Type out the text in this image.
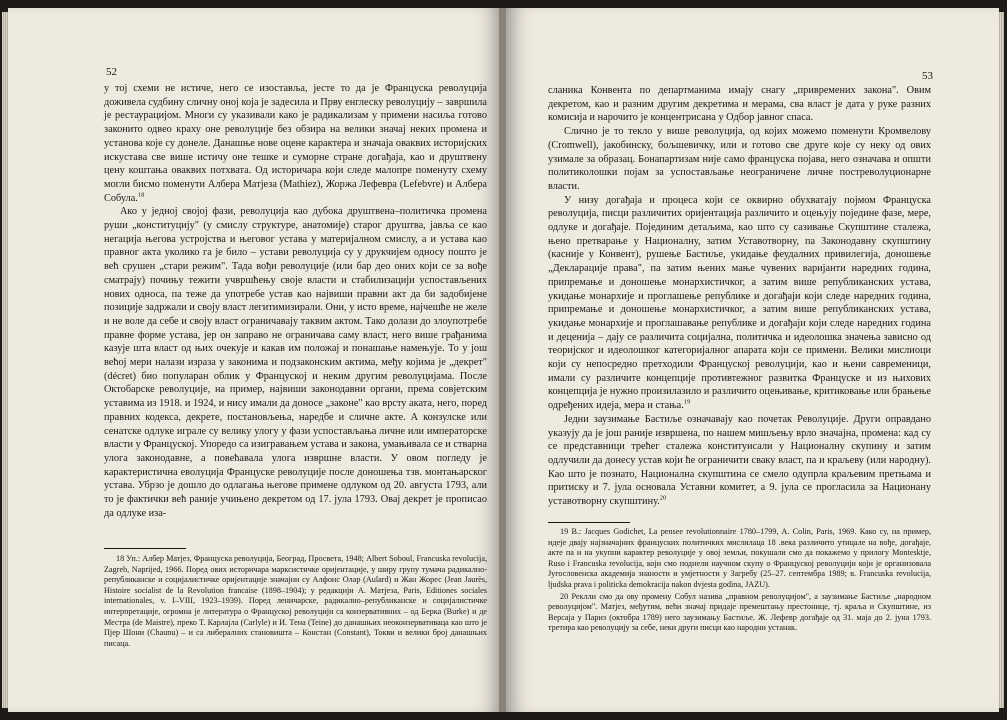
52

у тој схеми не истиче, него се изоставља, јесте то да је Француска револуција доживела судбину сличну оној која је задесила и Прву енглеску револуцију – завршила је рестаурацијом. Многи су указивали како је радикализам у примени насиља готово законито одвео краху оне револуције без обзира на велики значај неких промена и установа које су донеле. Данашње нове оцене карактера и значаја оваквих историјских искустава све више истичу оне тешке и суморне стране догађаја, као и друштвену цену коштања оваквих потхвата. Од историчара који следе малопре поменуту схему могли бисмо поменути Албера Матјеза (Mathiez), Жоржа Лефевра (Lefebvre) и Албера Собула.$^{18}$

Ако у једној својој фази, револуција као дубока друштвена–политичка промена руши „конституцију" (у смислу структуре, анатомије) старог друштва, јавља се као негација његова устројства и његовог устава у материјалном смислу, а и устава као правног акта уколико га је било – устави револуција су у друкчијем односу пошто је већ срушен „стари режим". Тада вођи револуције (или бар део оних који се за вође сматрају) почињу тежити учвршћењу своје власти и стабилизацији успостављених нових односа, па теже да употребе устав као највиши правни акт да би задобијене позиције задржали и своју власт легитимизирали. Они, у исто време, најчешће не желе и не воле да себе и своју власт ограничавају таквим актом. Тако долази до злоупотребе правне форме устава, јер он заправо не ограничава саму власт, него више грађанима казује шта власт од њих очекује и какав им положај и понашање намењује. То у још већој мери налази израза у законима и подзаконским актима, међу којима је „декрет" (décret) био популаран облик у Француској и неким другим револуцијама. После Октобарске револуције, на пример, највиши законодавни органи, према совјетским уставима из 1918. и 1924, и нису имали да доносе „законе" као врсту аката, него, поред правних кодекса, декрете, постановљења, наредбе и сличне акте. А конзулске или сенатске одлуке играле су велику улогу у фази успостављања личне или императорске власти у Француској. Упоредо са изигравањем устава и закона, умањивала се и стварна улога законодавне, а повећавала улога извршне власти. У овом погледу је карактеристична еволуција Француске револуције после доношења тзв. монтањарског устава. Убрзо је дошло до одлагања његове примене одлуком од 20. августа 1793, али то је фактички већ раније учињено декретом од 17. јула 1793. Овај декрет је прописао да одлуке иза-

18 Уп.: Албер Матјез, Француска револуција, Београд, Просвета, 1948; Albert Soboul, Francuska revolucija, Zagreb, Naprijed, 1966. Поред ових историчара марксистичке оријентације, у ширу групу тумача радикално-републиканске и социјалистичке оријентације значајни су Алфонс Олар (Aulard) и Жан Жорес (Jean Jaurès, Histoire socialist de la Revolution francaise (1898–1904); у редакцији А. Матјеза, Paris, Editiones sociales internationales, v. I–VIII, 1923–1939). Поред леничарске, радикално–републиканске и социјалистичке интерпретације, огромна је литература о Француској револуцији са конзервативних – од Берка (Burke) и де Местра (de Maistre), преко Т. Карлајла (Carlyle) и И. Тена (Teine) до данашњих неоконзервативаца као што је Пјер Шони (Chaunu) – и са либералних становишта – Констан (Constant), Токви и велики број данашњих писаца.

53

сланика Конвента по департманима имају снагу „привремених закона". Овим декретом, као и разним другим декретима и мерама, сва власт је дата у руке разних комисија и нарочито је концентрисана у Одбор јавног спаса.

Слично је то текло у више револуција, од којих можемо поменути Кромвелову (Cromwell), јакобинску, бољшевичку, или и готово све друге које су неку од ових узимале за образац. Бонапартизам није само француска појава, него означава и општи политиколошки појам за успостављање неограничене личне постреволуционарне власти.

У низу догађаја и процеса који се оквирно обухватају појмом Француска револуција, писци различитих оријентација различито и оцењују поједине фазе, мере, одлуке и догађаје. Појединим детаљима, као што су сазивање Скупштине сталежа, њено претварање у Националну, затим Уставотворну, па Законодавну скупштину (касније у Конвент), рушење Бастиље, укидање феудалних привилегија, доношење „Декларације права", па затим њених мање чувених варијанти наредних година, припремање и доношење монархистичког, а затим више републиканских устава, укидање монархије и проглашење републике и догађаји који следе наредних година, припремање и доношење монархистичког, а затим више републиканских устава, укидање монархије и проглашавање републике и догађаји који следе наредних година и деценија – дају се различита социјална, политичка и идеолошка значења зависно од теоријског и идеолошког категоријалног апарата који се примени. Велики мислиоци који су непосредно претходили Француској револуцији, као и њени савременици, имали су различите концепције противтежног развитка Француске и из њихових концепција је нужно произилазило и различито оцењивање, критиковање или брањење одређених идеја, мера и стања.$^{19}$

Једни заузимање Бастиље означавају као почетак Револуције. Други оправдано указују да је још раније извршена, по нашем мишљењу врло значајна, промена: кад су се представници трећег сталежа конституисали у Националну скупину и затим одлучили да донесу устав који ће ограничити сваку власт, па и краљеву (или народну). Као што је познато, Национална скупштина се смело одупрла краљевим претњама и притиску и 7. јула основала Уставни комитет, а 9. јула се прогласила за Национану уставотворну скупштину.$^{20}$

19 В.: Jacques Godichet, La pensee revolutionnaire 1780–1799, A. Colin, Paris, 1969. Како су, на пример, идеје двају најзначајних француских политичких мислилаца 18 .века различито утицале на вође, догађаје, акте па и на укупни карактер револуције у овој земљи, покушали смо да покажемо у прилогу Montesktje, Ruso i Francuska revolucija, који смо поднели научном скупу о Француској револуцији који је организовала Југословенска академија знаности и умјетности у Загребу (25–27. септембра 1989; в. Francuska revolucija, ljudska prava i politicka demokracija nakon dvjesta godina, JAZU).

20 Реклли смо да ову промену Собул назива „правном револуцијом", а заузимање Бастиље „народном револуцијом". Матјез, међутим, већи значај придаје премештању престонице, тј. краља и Скупштине, из Версаја у Париз (октобра 1789) него заузимању Бастиље. Ж. Лефевр догађаје од 31. маја до 2. јуна 1793. третира као револуцију за себе, неки други писци као народни устанак.
